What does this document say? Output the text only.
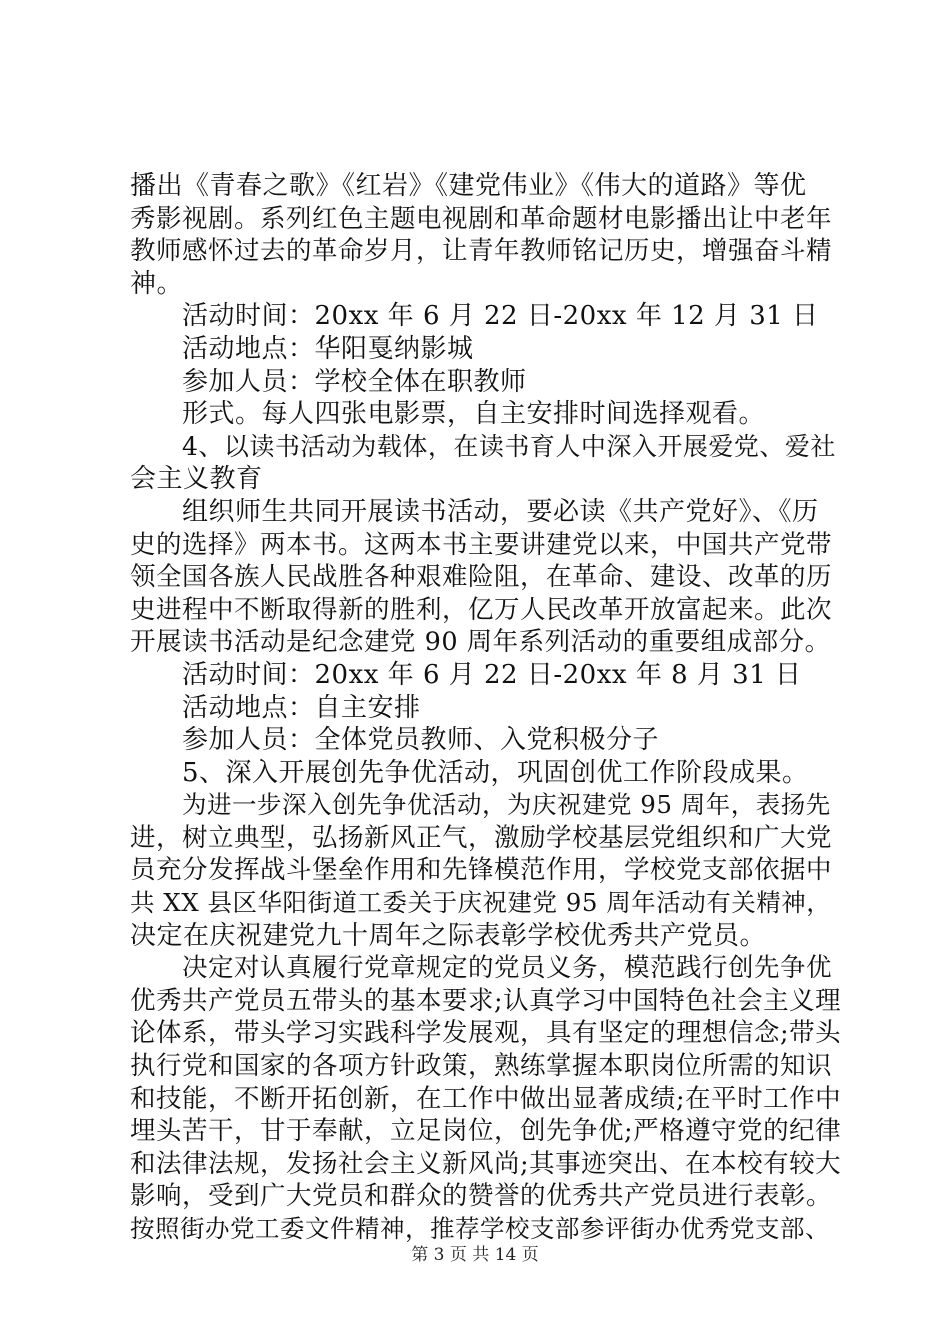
播出《青春之歌》《红岩》《建党伟业》《伟大的道路》等优
秀影视剧。系列红色主题电视剧和革命题材电影播出让中老年
教师感怀过去的革命岁月，让青年教师铭记历史，增强奋斗精
神。
活动时间：20xx 年 6 月 22 日-20xx 年 12 月 31 日
活动地点：华阳戛纳影城
参加人员：学校全体在职教师
形式。每人四张电影票，自主安排时间选择观看。
4、以读书活动为载体，在读书育人中深入开展爱党、爱社
会主义教育
组织师生共同开展读书活动，要必读《共产党好》、《历
史的选择》两本书。这两本书主要讲建党以来，中国共产党带
领全国各族人民战胜各种艰难险阻，在革命、建设、改革的历
史进程中不断取得新的胜利，亿万人民改革开放富起来。此次
开展读书活动是纪念建党 90 周年系列活动的重要组成部分。
活动时间：20xx 年 6 月 22 日-20xx 年 8 月 31 日
活动地点：自主安排
参加人员：全体党员教师、入党积极分子
5、深入开展创先争优活动，巩固创优工作阶段成果。
为进一步深入创先争优活动，为庆祝建党 95 周年，表扬先
进，树立典型，弘扬新风正气，激励学校基层党组织和广大党
员充分发挥战斗堡垒作用和先锋模范作用，学校党支部依据中
共 XX 县区华阳街道工委关于庆祝建党 95 周年活动有关精神，
决定在庆祝建党九十周年之际表彰学校优秀共产党员。
决定对认真履行党章规定的党员义务，模范践行创先争优
优秀共产党员五带头的基本要求;认真学习中国特色社会主义理
论体系，带头学习实践科学发展观，具有坚定的理想信念;带头
执行党和国家的各项方针政策，熟练掌握本职岗位所需的知识
和技能，不断开拓创新，在工作中做出显著成绩;在平时工作中
埋头苦干，甘于奉献，立足岗位，创先争优;严格遵守党的纪律
和法律法规，发扬社会主义新风尚;其事迹突出、在本校有较大
影响，受到广大党员和群众的赞誉的优秀共产党员进行表彰。
按照街办党工委文件精神，推荐学校支部参评街办优秀党支部、
第 3 页 共 14 页
